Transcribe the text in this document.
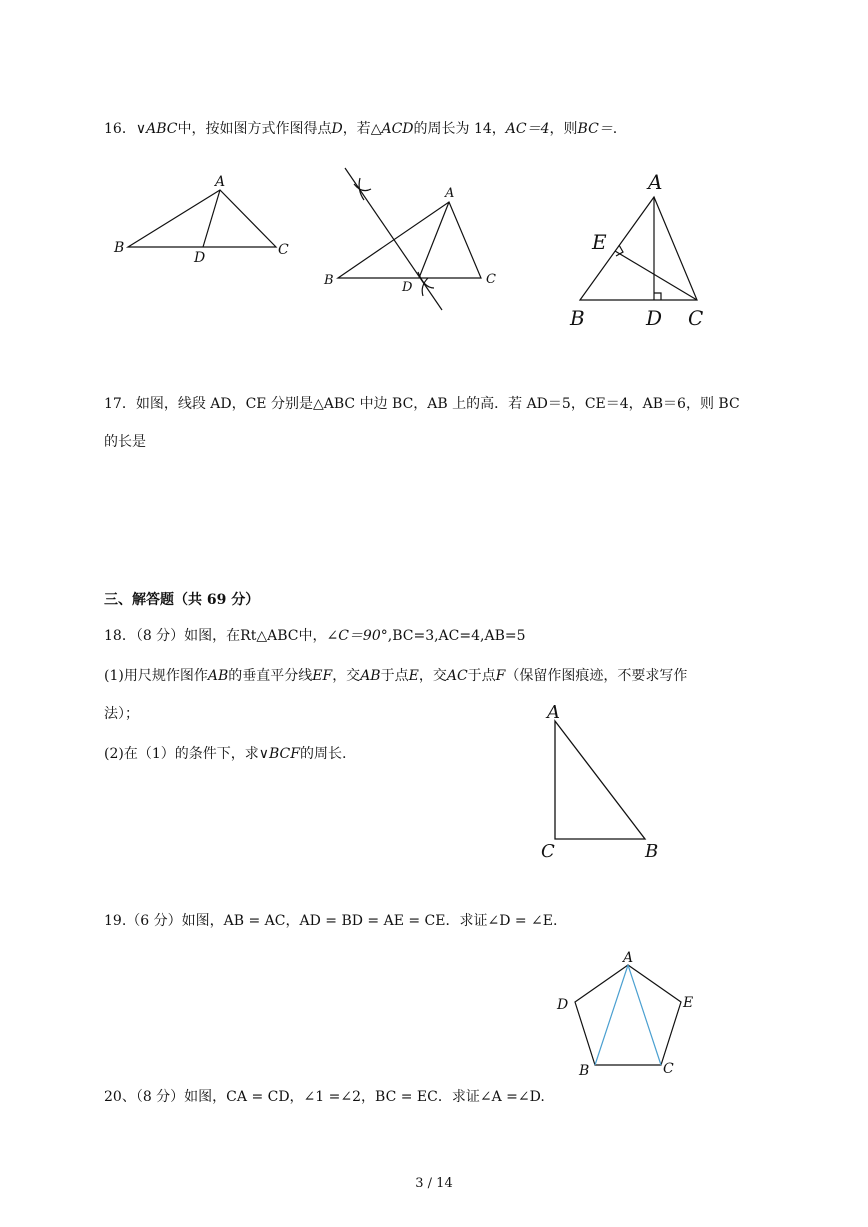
16．∨ABC中，按如图方式作图得点D，若△ACD的周长为 14，AC＝4，则BC＝.
A
B	C
D
A
B	C
D
A
B	C
D
E
17．如图，线段 AD，CE 分别是△ABC 中边 BC，AB 上的高．若 AD＝5，CE＝4，AB＝6，则 BC
的长是
三、解答题（共 69 分）
18．（8 分）如图，在Rt△ABC中，∠C＝90°,BC=3,AC=4,AB=5
(1)用尺规作图作AB的垂直平分线EF，交AB于点E，交AC于点F（保留作图痕迹，不要求写作
法）；
(2)在（1）的条件下，求∨BCF的周长.
A
C	B
19.（6 分）如图，AB = AC，AD = BD = AE = CE．求证∠D = ∠E.
A
D	E
B	C
20、（8 分）如图，CA = CD，∠1 =∠2，BC = EC．求证∠A =∠D.
3 / 14
